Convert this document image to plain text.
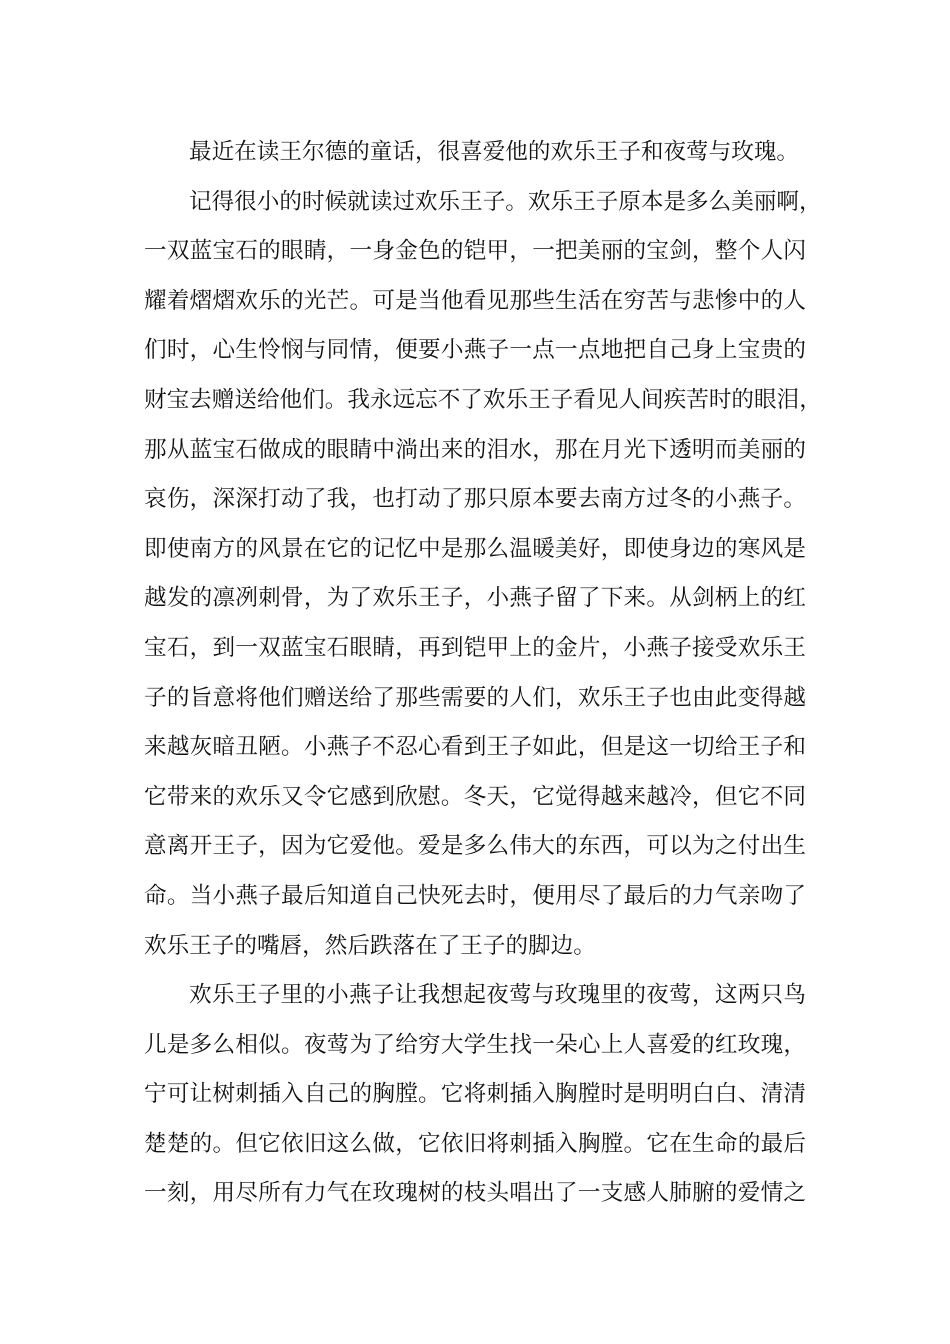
最近在读王尔德的童话，很喜爱他的欢乐王子和夜莺与玫瑰。
记得很小的时候就读过欢乐王子。欢乐王子原本是多么美丽啊，
一双蓝宝石的眼睛，一身金色的铠甲，一把美丽的宝剑，整个人闪
耀着熠熠欢乐的光芒。可是当他看见那些生活在穷苦与悲惨中的人
们时，心生怜悯与同情，便要小燕子一点一点地把自己身上宝贵的
财宝去赠送给他们。我永远忘不了欢乐王子看见人间疾苦时的眼泪，
那从蓝宝石做成的眼睛中淌出来的泪水，那在月光下透明而美丽的
哀伤，深深打动了我，也打动了那只原本要去南方过冬的小燕子。
即使南方的风景在它的记忆中是那么温暖美好，即使身边的寒风是
越发的凛冽刺骨，为了欢乐王子，小燕子留了下来。从剑柄上的红
宝石，到一双蓝宝石眼睛，再到铠甲上的金片，小燕子接受欢乐王
子的旨意将他们赠送给了那些需要的人们，欢乐王子也由此变得越
来越灰暗丑陋。小燕子不忍心看到王子如此，但是这一切给王子和
它带来的欢乐又令它感到欣慰。冬天，它觉得越来越冷，但它不同
意离开王子，因为它爱他。爱是多么伟大的东西，可以为之付出生
命。当小燕子最后知道自己快死去时，便用尽了最后的力气亲吻了
欢乐王子的嘴唇，然后跌落在了王子的脚边。
欢乐王子里的小燕子让我想起夜莺与玫瑰里的夜莺，这两只鸟
儿是多么相似。夜莺为了给穷大学生找一朵心上人喜爱的红玫瑰，
宁可让树刺插入自己的胸膛。它将刺插入胸膛时是明明白白、清清
楚楚的。但它依旧这么做，它依旧将刺插入胸膛。它在生命的最后
一刻，用尽所有力气在玫瑰树的枝头唱出了一支感人肺腑的爱情之
